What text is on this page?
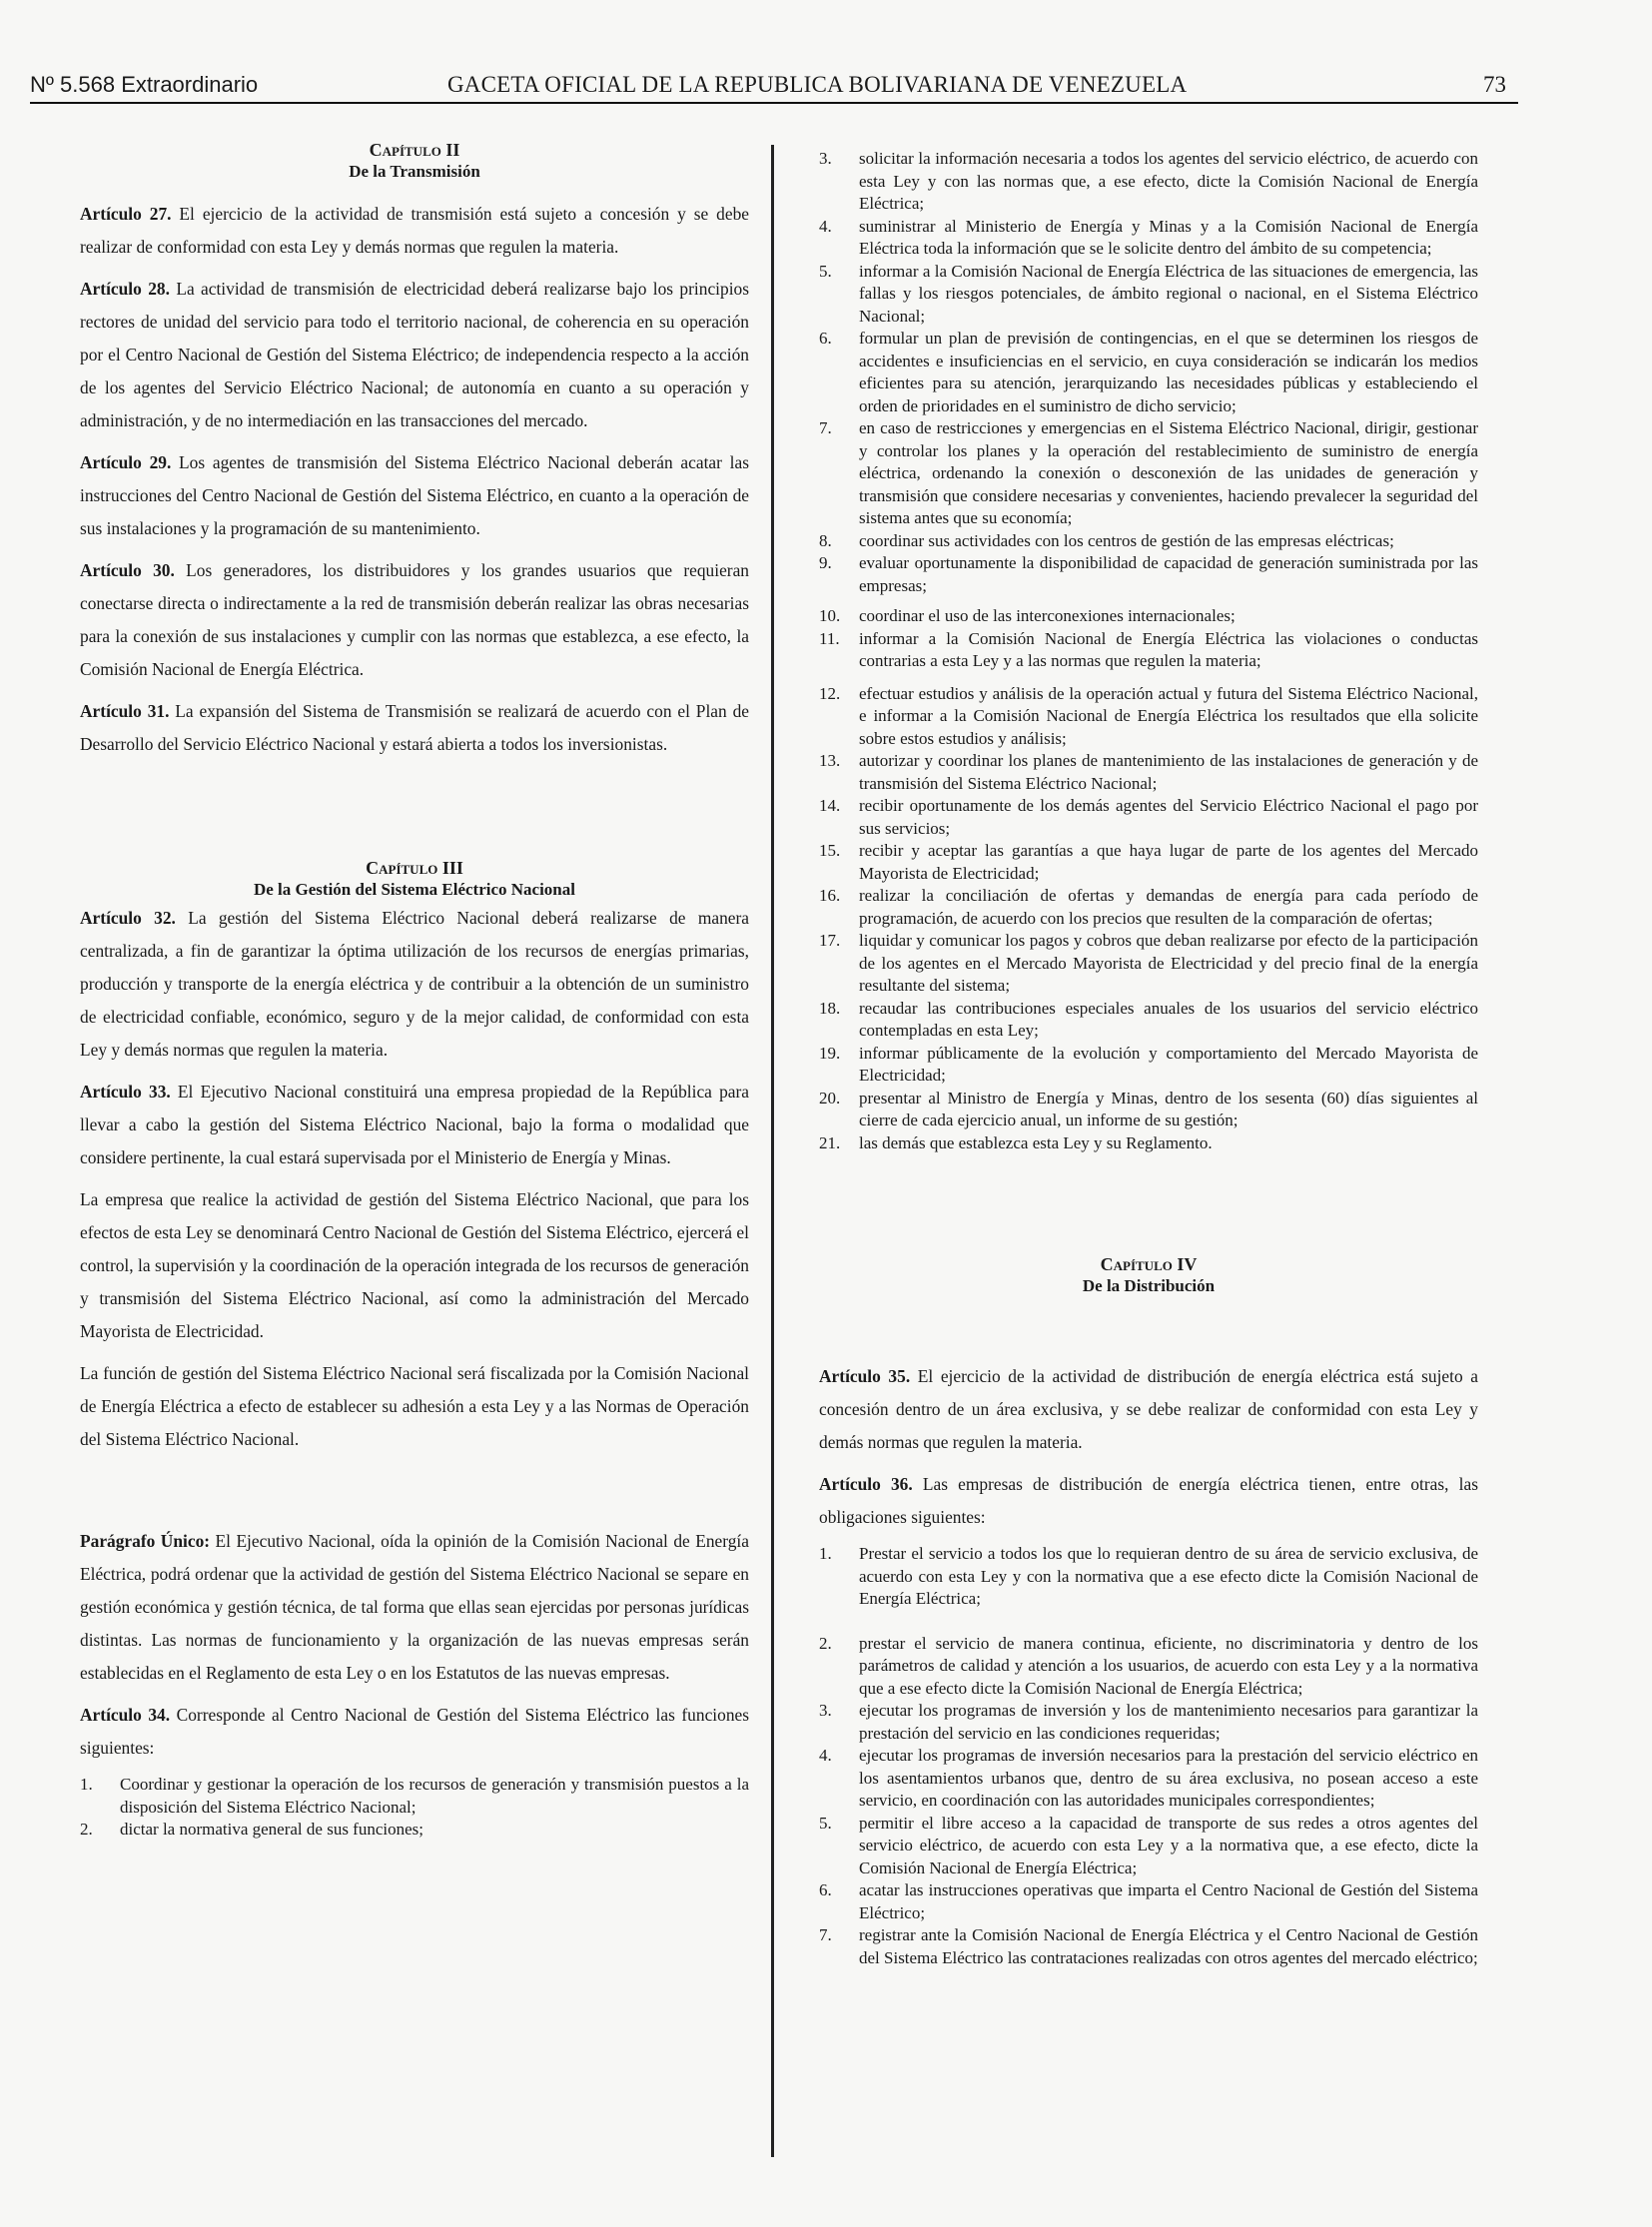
Nº 5.568 Extraordinario	GACETA OFICIAL DE LA REPUBLICA BOLIVARIANA DE VENEZUELA	73
Capítulo II
De la Transmisión

Artículo 27. El ejercicio de la actividad de transmisión está sujeto a concesión y se debe realizar de conformidad con esta Ley y demás normas que regulen la materia.

Artículo 28. La actividad de transmisión de electricidad deberá realizarse bajo los principios rectores de unidad del servicio para todo el territorio nacional, de coherencia en su operación por el Centro Nacional de Gestión del Sistema Eléctrico; de independencia respecto a la acción de los agentes del Servicio Eléctrico Nacional; de autonomía en cuanto a su operación y administración, y de no intermediación en las transacciones del mercado.

Artículo 29. Los agentes de transmisión del Sistema Eléctrico Nacional deberán acatar las instrucciones del Centro Nacional de Gestión del Sistema Eléctrico, en cuanto a la operación de sus instalaciones y la programación de su mantenimiento.

Artículo 30. Los generadores, los distribuidores y los grandes usuarios que requieran conectarse directa o indirectamente a la red de transmisión deberán realizar las obras necesarias para la conexión de sus instalaciones y cumplir con las normas que establezca, a ese efecto, la Comisión Nacional de Energía Eléctrica.

Artículo 31. La expansión del Sistema de Transmisión se realizará de acuerdo con el Plan de Desarrollo del Servicio Eléctrico Nacional y estará abierta a todos los inversionistas.

Capítulo III
De la Gestión del Sistema Eléctrico Nacional

Artículo 32. La gestión del Sistema Eléctrico Nacional deberá realizarse de manera centralizada, a fin de garantizar la óptima utilización de los recursos de energías primarias, producción y transporte de la energía eléctrica y de contribuir a la obtención de un suministro de electricidad confiable, económico, seguro y de la mejor calidad, de conformidad con esta Ley y demás normas que regulen la materia.

Artículo 33. El Ejecutivo Nacional constituirá una empresa propiedad de la República para llevar a cabo la gestión del Sistema Eléctrico Nacional, bajo la forma o modalidad que considere pertinente, la cual estará supervisada por el Ministerio de Energía y Minas.

La empresa que realice la actividad de gestión del Sistema Eléctrico Nacional, que para los efectos de esta Ley se denominará Centro Nacional de Gestión del Sistema Eléctrico, ejercerá el control, la supervisión y la coordinación de la operación integrada de los recursos de generación y transmisión del Sistema Eléctrico Nacional, así como la administración del Mercado Mayorista de Electricidad.

La función de gestión del Sistema Eléctrico Nacional será fiscalizada por la Comisión Nacional de Energía Eléctrica a efecto de establecer su adhesión a esta Ley y a las Normas de Operación del Sistema Eléctrico Nacional.

Parágrafo Único: El Ejecutivo Nacional, oída la opinión de la Comisión Nacional de Energía Eléctrica, podrá ordenar que la actividad de gestión del Sistema Eléctrico Nacional se separe en gestión económica y gestión técnica, de tal forma que ellas sean ejercidas por personas jurídicas distintas. Las normas de funcionamiento y la organización de las nuevas empresas serán establecidas en el Reglamento de esta Ley o en los Estatutos de las nuevas empresas.

Artículo 34. Corresponde al Centro Nacional de Gestión del Sistema Eléctrico las funciones siguientes:

1. Coordinar y gestionar la operación de los recursos de generación y transmisión puestos a la disposición del Sistema Eléctrico Nacional;
2. dictar la normativa general de sus funciones;
3. solicitar la información necesaria a todos los agentes del servicio eléctrico, de acuerdo con esta Ley y con las normas que, a ese efecto, dicte la Comisión Nacional de Energía Eléctrica;
4. suministrar al Ministerio de Energía y Minas y a la Comisión Nacional de Energía Eléctrica toda la información que se le solicite dentro del ámbito de su competencia;
5. informar a la Comisión Nacional de Energía Eléctrica de las situaciones de emergencia, las fallas y los riesgos potenciales, de ámbito regional o nacional, en el Sistema Eléctrico Nacional;
6. formular un plan de previsión de contingencias, en el que se determinen los riesgos de accidentes e insuficiencias en el servicio, en cuya consideración se indicarán los medios eficientes para su atención, jerarquizando las necesidades públicas y estableciendo el orden de prioridades en el suministro de dicho servicio;
7. en caso de restricciones y emergencias en el Sistema Eléctrico Nacional, dirigir, gestionar y controlar los planes y la operación del restablecimiento de suministro de energía eléctrica, ordenando la conexión o desconexión de las unidades de generación y transmisión que considere necesarias y convenientes, haciendo prevalecer la seguridad del sistema antes que su economía;
8. coordinar sus actividades con los centros de gestión de las empresas eléctricas;
9. evaluar oportunamente la disponibilidad de capacidad de generación suministrada por las empresas;
10. coordinar el uso de las interconexiones internacionales;
11. informar a la Comisión Nacional de Energía Eléctrica las violaciones o conductas contrarias a esta Ley y a las normas que regulen la materia;
12. efectuar estudios y análisis de la operación actual y futura del Sistema Eléctrico Nacional, e informar a la Comisión Nacional de Energía Eléctrica los resultados que ella solicite sobre estos estudios y análisis;
13. autorizar y coordinar los planes de mantenimiento de las instalaciones de generación y de transmisión del Sistema Eléctrico Nacional;
14. recibir oportunamente de los demás agentes del Servicio Eléctrico Nacional el pago por sus servicios;
15. recibir y aceptar las garantías a que haya lugar de parte de los agentes del Mercado Mayorista de Electricidad;
16. realizar la conciliación de ofertas y demandas de energía para cada período de programación, de acuerdo con los precios que resulten de la comparación de ofertas;
17. liquidar y comunicar los pagos y cobros que deban realizarse por efecto de la participación de los agentes en el Mercado Mayorista de Electricidad y del precio final de la energía resultante del sistema;
18. recaudar las contribuciones especiales anuales de los usuarios del servicio eléctrico contempladas en esta Ley;
19. informar públicamente de la evolución y comportamiento del Mercado Mayorista de Electricidad;
20. presentar al Ministro de Energía y Minas, dentro de los sesenta (60) días siguientes al cierre de cada ejercicio anual, un informe de su gestión;
21. las demás que establezca esta Ley y su Reglamento.
Capítulo IV
De la Distribución

Artículo 35. El ejercicio de la actividad de distribución de energía eléctrica está sujeto a concesión dentro de un área exclusiva, y se debe realizar de conformidad con esta Ley y demás normas que regulen la materia.

Artículo 36. Las empresas de distribución de energía eléctrica tienen, entre otras, las obligaciones siguientes:

1. Prestar el servicio a todos los que lo requieran dentro de su área de servicio exclusiva, de acuerdo con esta Ley y con la normativa que a ese efecto dicte la Comisión Nacional de Energía Eléctrica;
2. prestar el servicio de manera continua, eficiente, no discriminatoria y dentro de los parámetros de calidad y atención a los usuarios, de acuerdo con esta Ley y a la normativa que a ese efecto dicte la Comisión Nacional de Energía Eléctrica;
3. ejecutar los programas de inversión y los de mantenimiento necesarios para garantizar la prestación del servicio en las condiciones requeridas;
4. ejecutar los programas de inversión necesarios para la prestación del servicio eléctrico en los asentamientos urbanos que, dentro de su área exclusiva, no posean acceso a este servicio, en coordinación con las autoridades municipales correspondientes;
5. permitir el libre acceso a la capacidad de transporte de sus redes a otros agentes del servicio eléctrico, de acuerdo con esta Ley y a la normativa que, a ese efecto, dicte la Comisión Nacional de Energía Eléctrica;
6. acatar las instrucciones operativas que imparta el Centro Nacional de Gestión del Sistema Eléctrico;
7. registrar ante la Comisión Nacional de Energía Eléctrica y el Centro Nacional de Gestión del Sistema Eléctrico las contrataciones realizadas con otros agentes del mercado eléctrico;
